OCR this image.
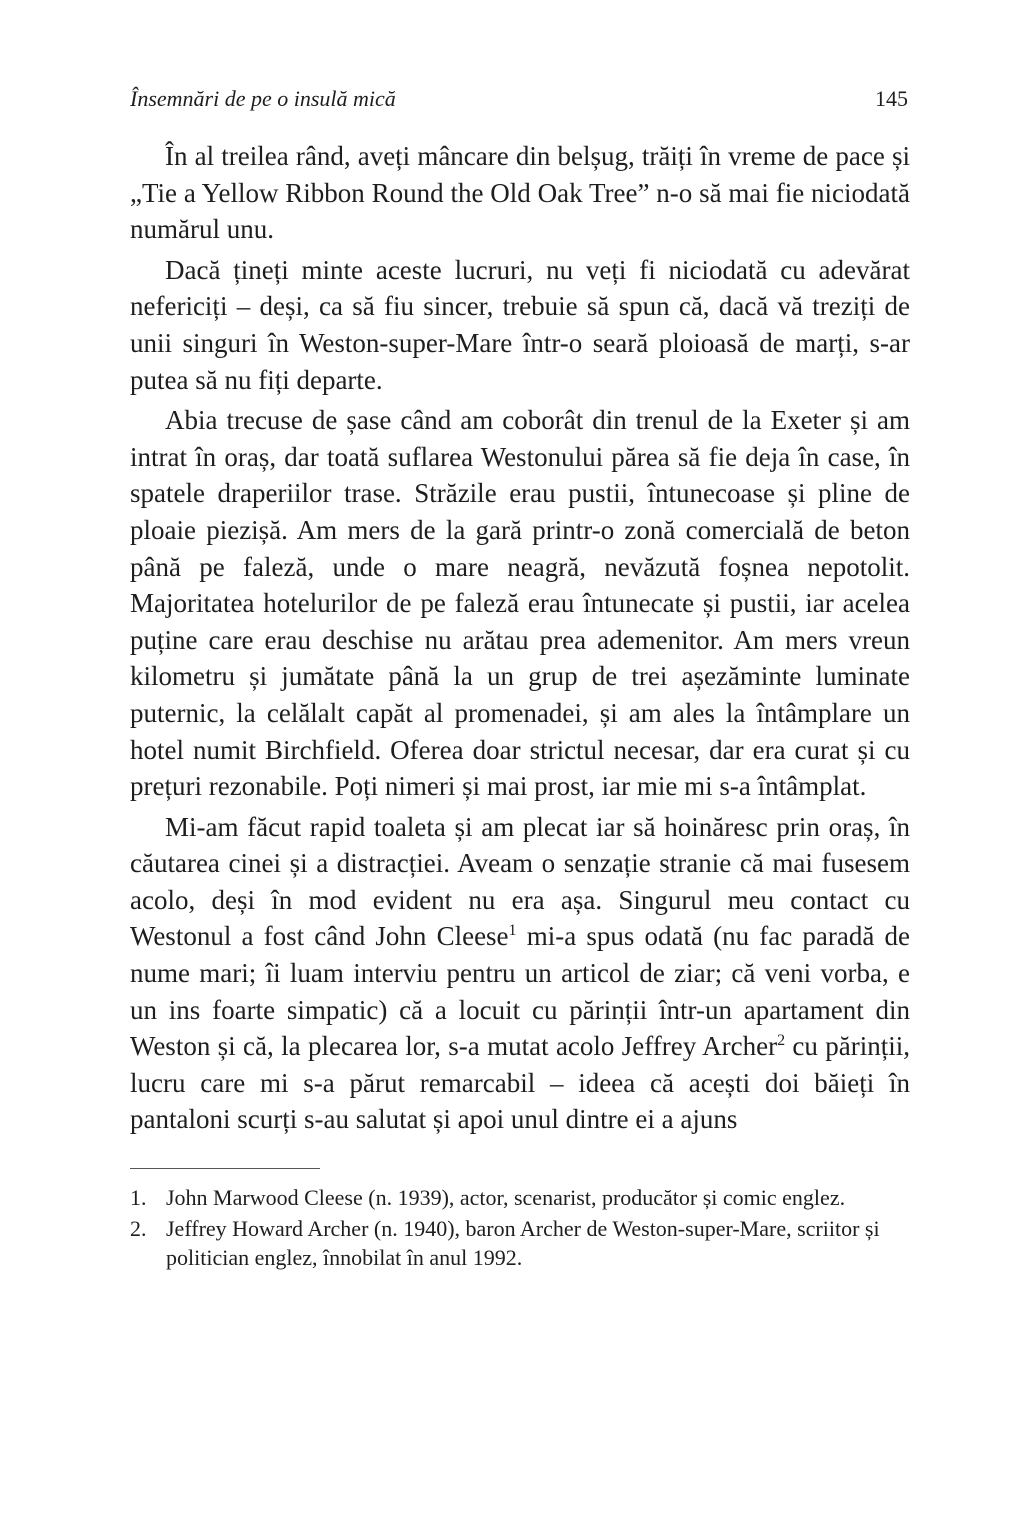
Însemnări de pe o insulă mică	145

În al treilea rând, aveți mâncare din belșug, trăiți în vreme de pace și „Tie a Yellow Ribbon Round the Old Oak Tree” n-o să mai fie niciodată numărul unu.

Dacă țineți minte aceste lucruri, nu veți fi niciodată cu adevărat nefericiți – deși, ca să fiu sincer, trebuie să spun că, dacă vă treziți de unii singuri în Weston-super-Mare într-o seară ploioasă de marți, s-ar putea să nu fiți departe.

Abia trecuse de șase când am coborât din trenul de la Exeter și am intrat în oraș, dar toată suflarea Westonului părea să fie deja în case, în spatele draperiilor trase. Străzile erau pustii, întunecoase și pline de ploaie piezișă. Am mers de la gară printr-o zonă comercială de beton până pe faleză, unde o mare neagră, nevăzută foșnea nepotolit. Majoritatea hotelurilor de pe faleză erau întunecate și pustii, iar acelea puține care erau deschise nu arătau prea ademenitor. Am mers vreun kilometru și jumătate până la un grup de trei așezăminte luminate puternic, la celălalt capăt al promenadei, și am ales la întâmplare un hotel numit Birchfield. Oferea doar strictul necesar, dar era curat și cu prețuri rezonabile. Poți nimeri și mai prost, iar mie mi s-a întâmplat.

Mi-am făcut rapid toaleta și am plecat iar să hoinăresc prin oraș, în căutarea cinei și a distracției. Aveam o senzație stranie că mai fusesem acolo, deși în mod evident nu era așa. Singurul meu contact cu Westonul a fost când John Cleese$^1$ mi-a spus odată (nu fac paradă de nume mari; îi luam interviu pentru un articol de ziar; că veni vorba, e un ins foarte simpatic) că a locuit cu părinții într-un apartament din Weston și că, la plecarea lor, s-a mutat acolo Jeffrey Archer$^2$ cu părinții, lucru care mi s-a părut remarcabil – ideea că acești doi băieți în pantaloni scurți s-au salutat și apoi unul dintre ei a ajuns

1. John Marwood Cleese (n. 1939), actor, scenarist, producător și comic englez.
2. Jeffrey Howard Archer (n. 1940), baron Archer de Weston-super-Mare, scriitor și politician englez, înnobilat în anul 1992.
